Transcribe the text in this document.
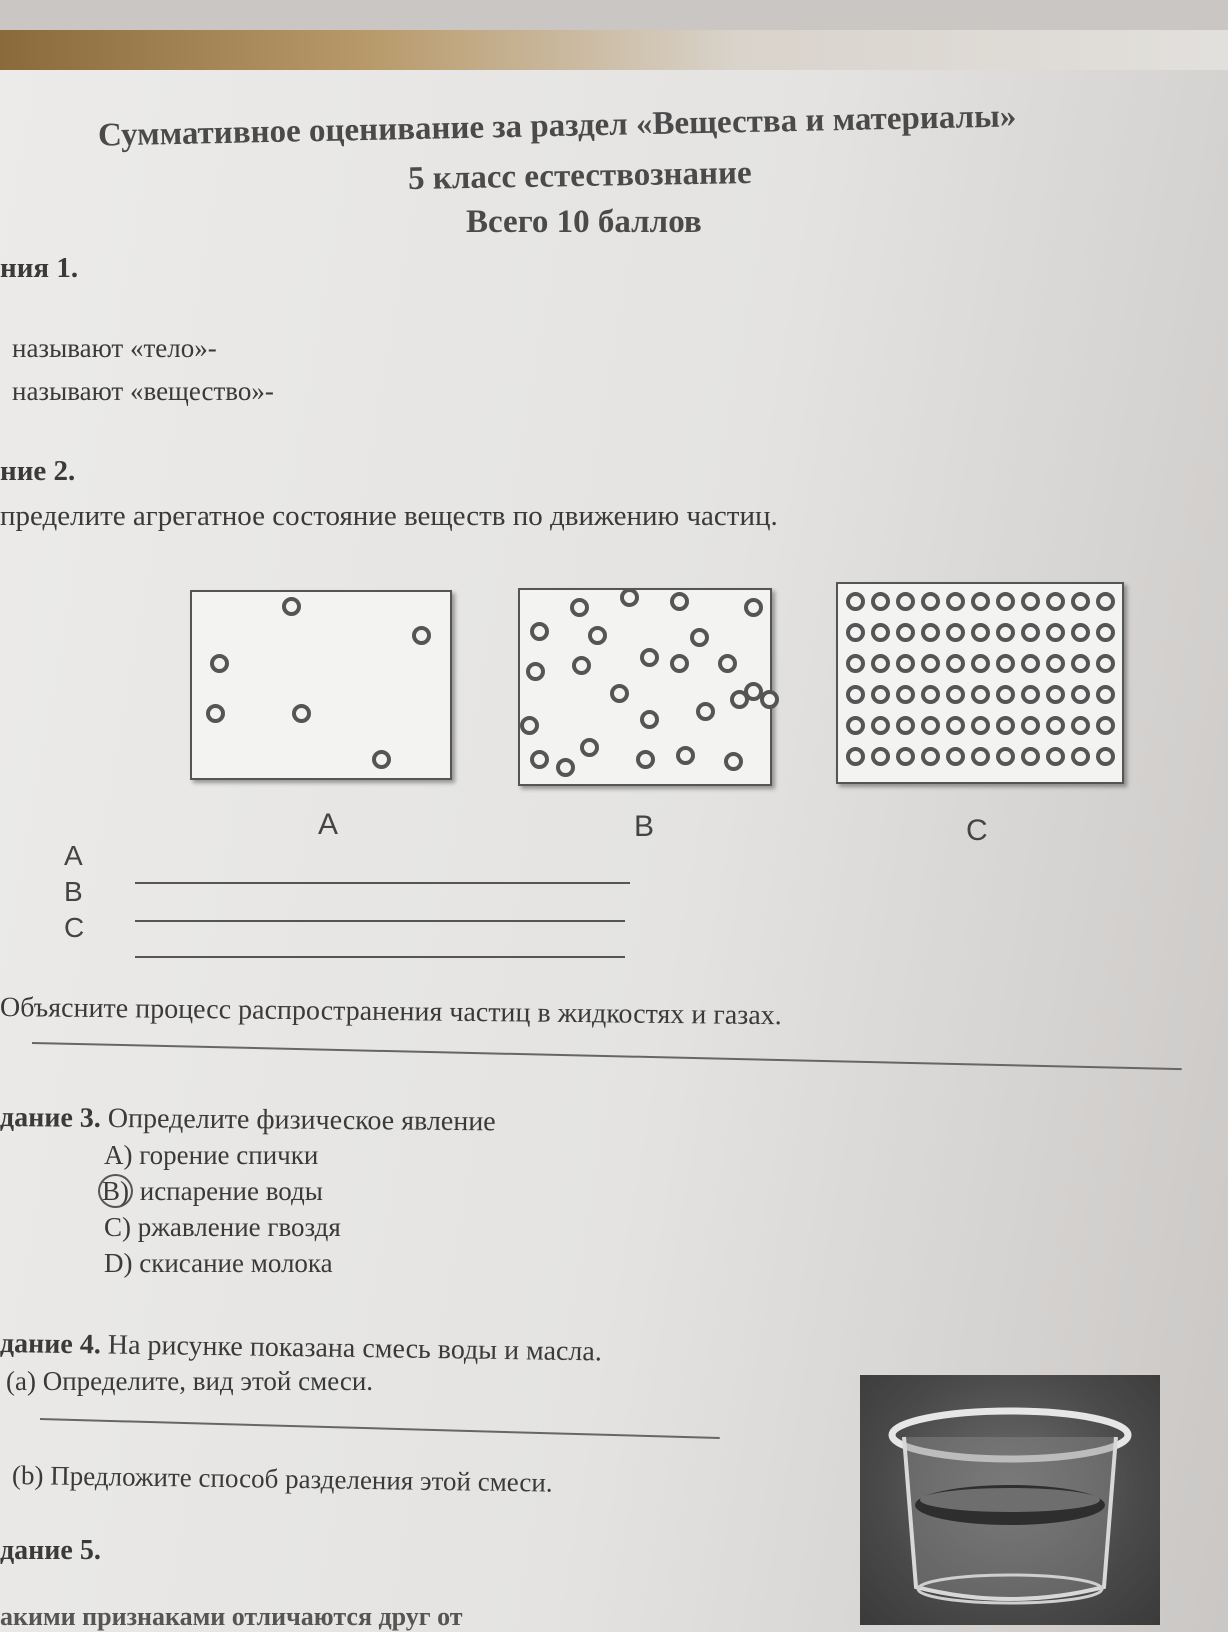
Суммативное оценивание за раздел «Вещества и материалы»
5 класс естествознание
Всего 10 баллов
ния 1.
называют «тело»-
называют «вещество»-
ние 2.
пределите агрегатное состояние веществ по движению частиц.
A	B	C
A
B
C
Объясните процесс распространения частиц в жидкостях и газах.
дание 3. Определите физическое явление
A) горение спички
B) испарение воды
C) ржавление гвоздя
D) скисание молока
дание 4. На рисунке показана смесь воды и масла.
(а) Определите, вид этой смеси.
(b) Предложите способ разделения этой смеси.
дание 5.
акими признаками отличаются друг от
